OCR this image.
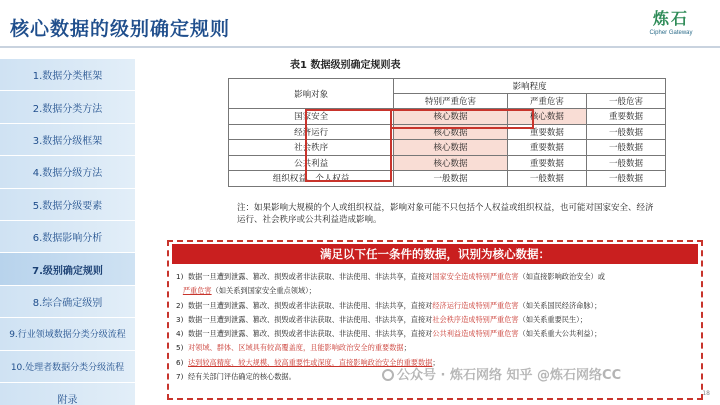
核心数据的级别确定规则	炼石
Cipher Gateway
1.数据分类框架
2.数据分类方法
3.数据分级框架
4.数据分级方法
5.数据分级要素
6.数据影响分析
7.级别确定规则
8.综合确定级别
9.行业领域数据分类分级流程
10.处理者数据分类分级流程
附录
表1 数据级别确定规则表
影响对象	影响程度		
	特别严重危害	严重危害	一般危害
国家安全	核心数据	核心数据	重要数据
经济运行	核心数据	重要数据	一般数据
社会秩序	核心数据	重要数据	一般数据
公共利益	核心数据	重要数据	一般数据
组织权益、个人权益	一般数据	一般数据	一般数据
注：如果影响大规模的个人或组织权益，影响对象可能不只包括个人权益或组织权益，也可能对国家安全、经济运行、社会秩序或公共利益造成影响。
满足以下任一条件的数据，识别为核心数据：
1) 数据一旦遭到泄露、篡改、损毁或者非法获取、非法使用、非法共享，直接对国家安全造成特别严重危害（如直接影响政治安全）或
严重危害（如关系到国家安全重点领域）；
2) 数据一旦遭到泄露、篡改、损毁或者非法获取、非法使用、非法共享，直接对经济运行造成特别严重危害（如关系国民经济命脉）；
3) 数据一旦遭到泄露、篡改、损毁或者非法获取、非法使用、非法共享，直接对社会秩序造成特别严重危害（如关系重要民生）；
4) 数据一旦遭到泄露、篡改、损毁或者非法获取、非法使用、非法共享，直接对公共利益造成特别严重危害（如关系重大公共利益）；
5) 对领域、群体、区域具有较高覆盖度，且能影响政治安全的重要数据；
6) 达到较高精度、较大规模、较高重要性或深度，直接影响政治安全的重要数据；
7) 经有关部门评估确定的核心数据。	公众号 · 炼石网络 知乎 @炼石网络CC
18
